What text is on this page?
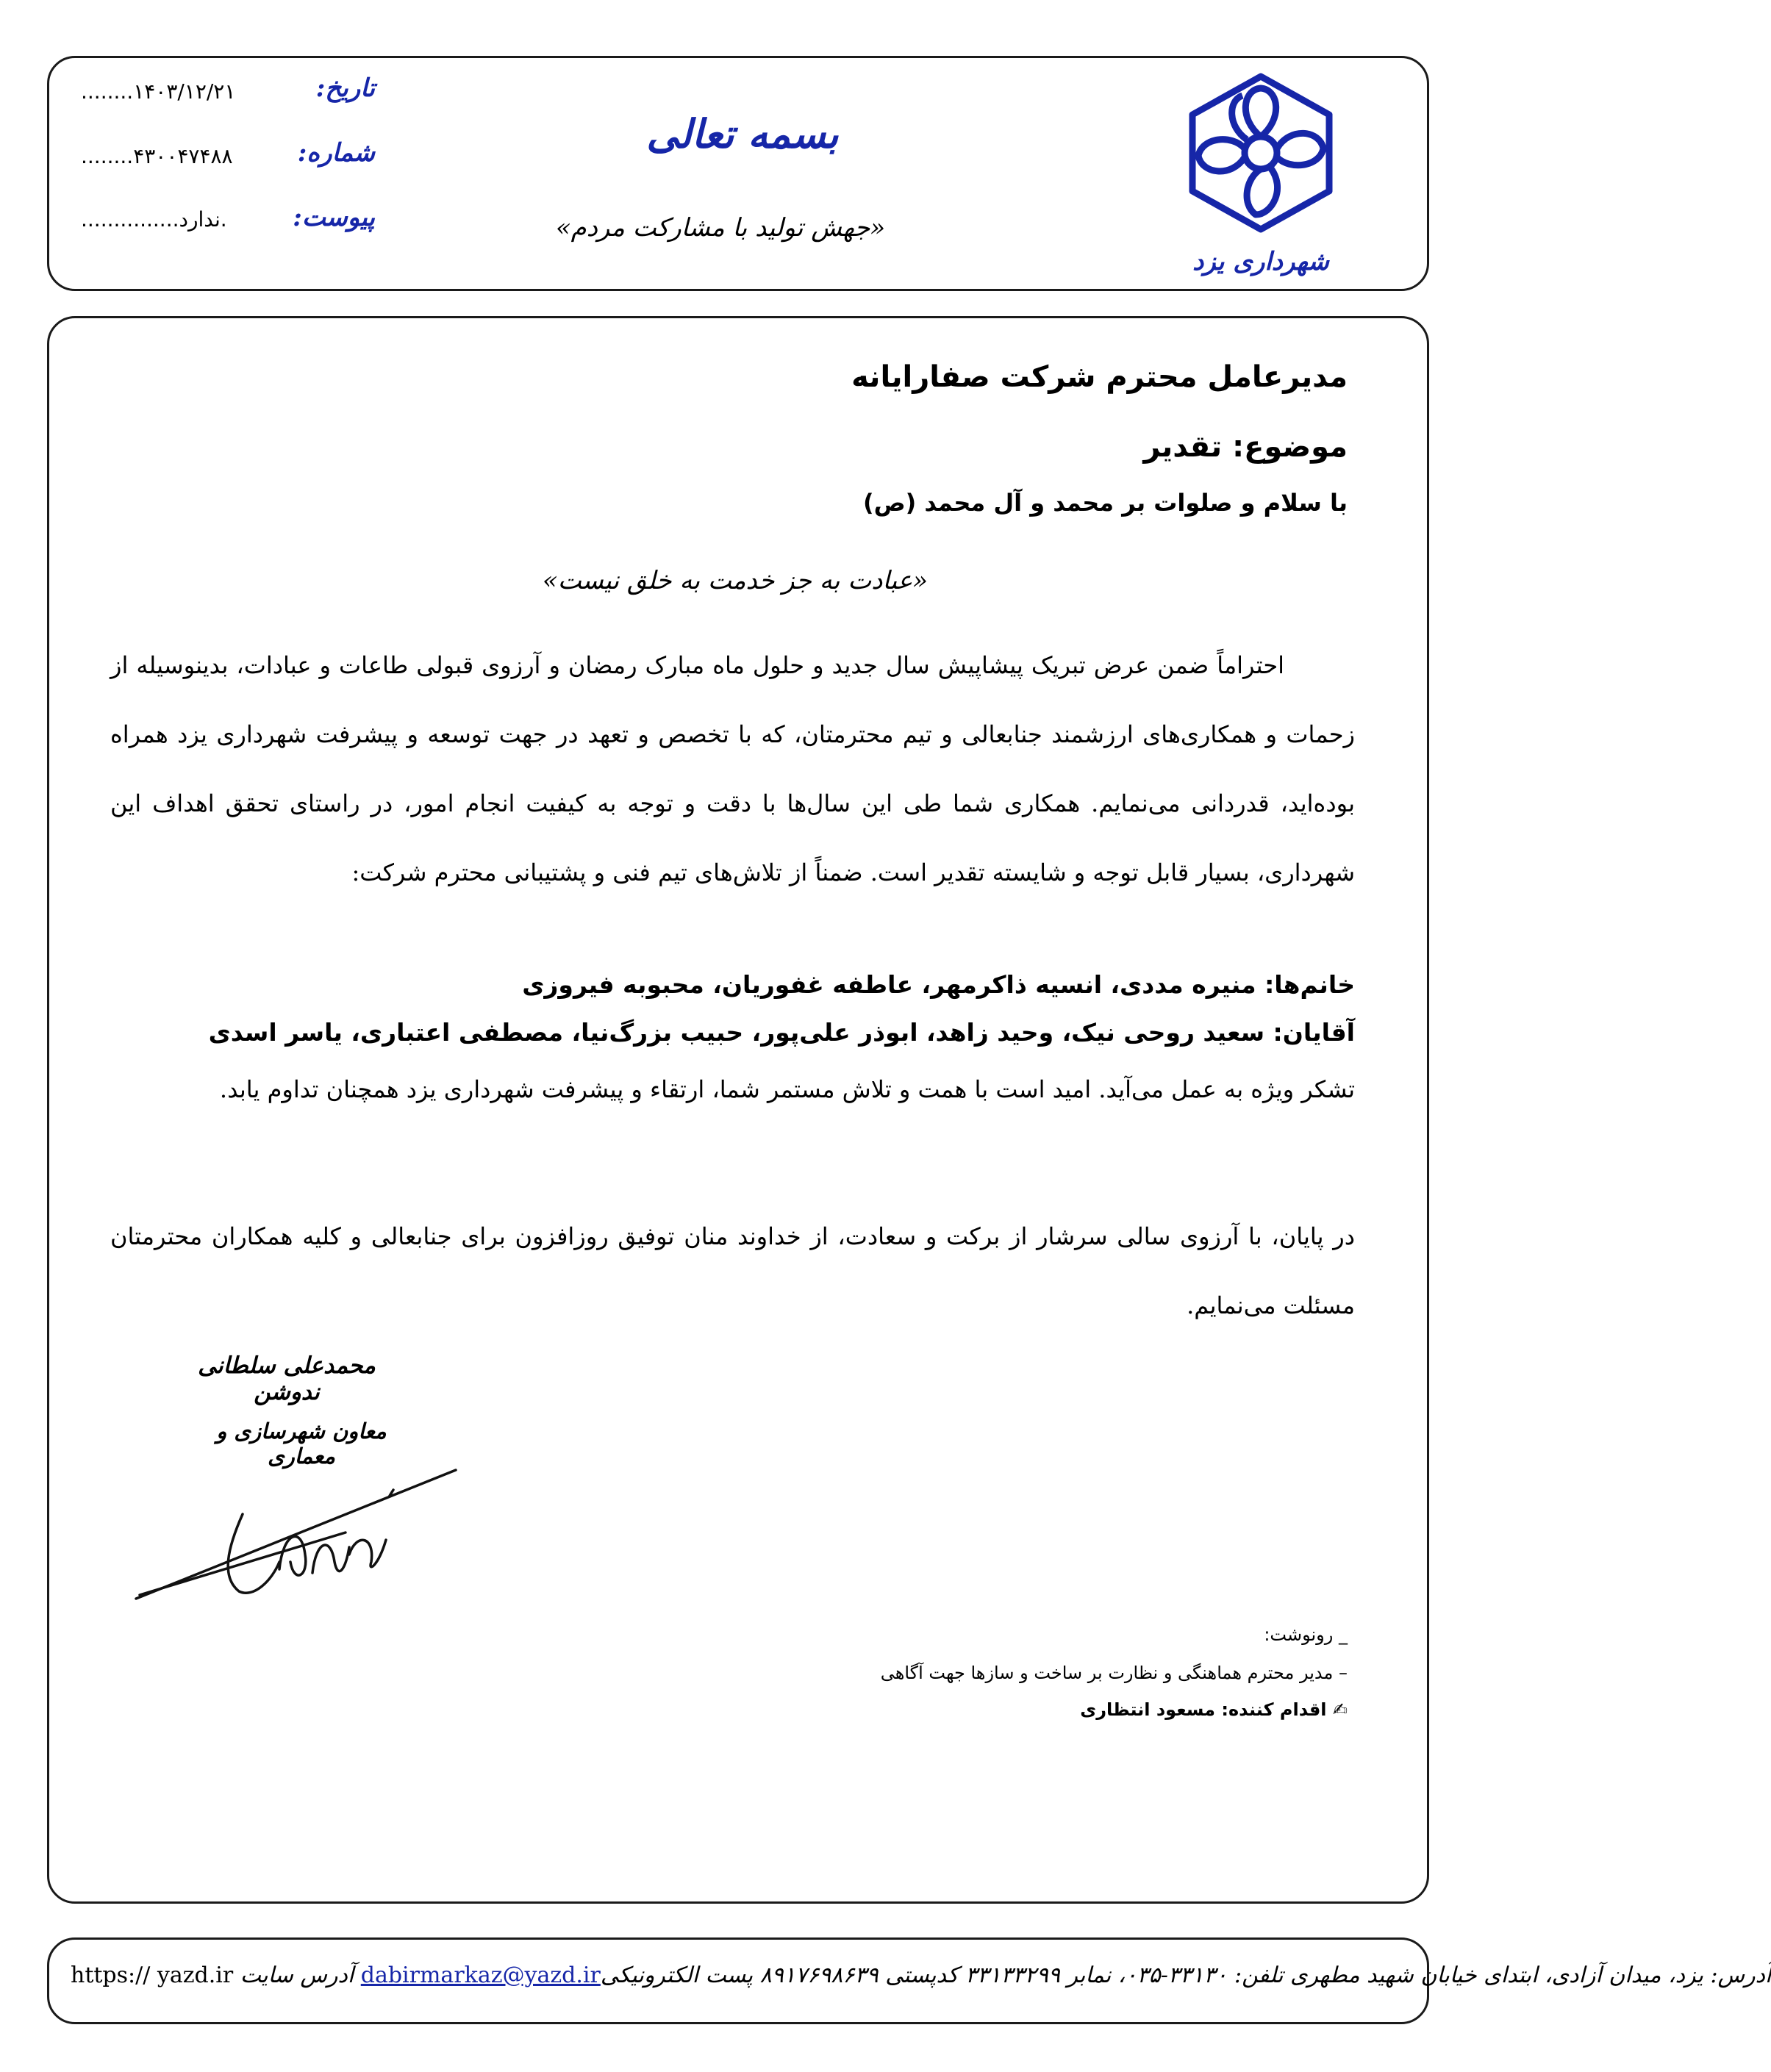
شهرداری یزد
بسمه تعالی
«جهش تولید با مشارکت مردم»
تاریخ:
........۱۴۰۳/۱۲/۲۱
شماره:
........۴۳۰۰۴۷۴۸۸
پیوست:
...............ندارد.
مدیرعامل محترم شرکت صفارایانه
موضوع: تقدیر
با سلام و صلوات بر محمد و آل محمد (ص)
«عبادت به جز خدمت به خلق نیست»
احتراماً ضمن عرض تبریک پیشاپیش سال جدید و حلول ماه مبارک رمضان و آرزوی قبولی طاعات و عبادات، بدینوسیله از زحمات و همکاری‌های ارزشمند جنابعالی و تیم محترمتان، که با تخصص و تعهد در جهت توسعه و پیشرفت شهرداری یزد همراه بوده‌اید، قدردانی می‌نمایم. همکاری شما طی این سال‌ها با دقت و توجه به کیفیت انجام امور، در راستای تحقق اهداف این شهرداری، بسیار قابل توجه و شایسته تقدیر است. ضمناً از تلاش‌های تیم فنی و پشتیبانی محترم شرکت:
خانم‌ها: منیره مددی، انسیه ذاکرمهر، عاطفه غفوریان، محبوبه فیروزی
آقایان: سعید روحی نیک، وحید زاهد، ابوذر علی‌پور، حبیب بزرگ‌نیا، مصطفی اعتباری، یاسر اسدی
تشکر ویژه به عمل می‌آید. امید است با همت و تلاش مستمر شما، ارتقاء و پیشرفت شهرداری یزد همچنان تداوم یابد.
در پایان، با آرزوی سالی سرشار از برکت و سعادت، از خداوند منان توفیق روزافزون برای جنابعالی و کلیه همکاران محترمتان مسئلت می‌نمایم.
محمدعلی سلطانی ندوشن
معاون شهرسازی و معماری
_ رونوشت:
– مدیر محترم هماهنگی و نظارت بر ساخت و سازها جهت آگاهی
✍ اقدام کننده: مسعود انتظاری
https:// yazd.ir آدرس سایت dabirmarkaz@yazd.irآدرس: یزد، میدان آزادی، ابتدای خیابان شهید مطهری تلفن: ۳۳۱۳۰-۰۳۵، نمابر ۳۳۱۳۳۲۹۹ کدپستی ۸۹۱۷۶۹۸۶۳۹ پست الکترونیکی
